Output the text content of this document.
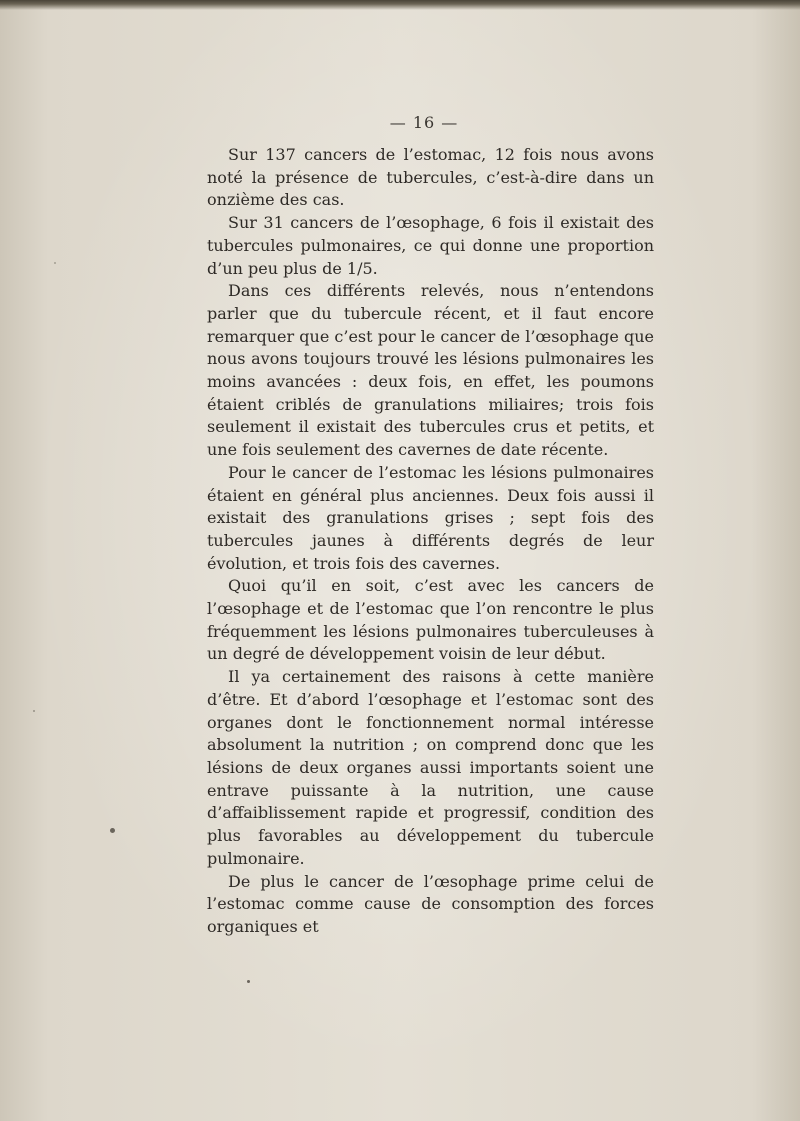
— 16 —

Sur 137 cancers de l’estomac, 12 fois nous avons noté la présence de tubercules, c’est-à-dire dans un onzième des cas.

Sur 31 cancers de l’œsophage, 6 fois il existait des tubercules pulmonaires, ce qui donne une proportion d’un peu plus de 1/5.

Dans ces différents relevés, nous n’entendons parler que du tubercule récent, et il faut encore remarquer que c’est pour le cancer de l’œsophage que nous avons toujours trouvé les lésions pulmonaires les moins avancées : deux fois, en effet, les poumons étaient criblés de granulations miliaires; trois fois seulement il existait des tubercules crus et petits, et une fois seulement des cavernes de date récente.

Pour le cancer de l’estomac les lésions pulmonaires étaient en général plus anciennes. Deux fois aussi il existait des granulations grises ; sept fois des tubercules jaunes à différents degrés de leur évolution, et trois fois des cavernes.

Quoi qu’il en soit, c’est avec les cancers de l’œsophage et de l’estomac que l’on rencontre le plus fréquemment les lésions pulmonaires tuberculeuses à un degré de développement voisin de leur début.

Il ya certainement des raisons à cette manière d’être. Et d’abord l’œsophage et l’estomac sont des organes dont le fonctionnement normal intéresse absolument la nutrition ; on comprend donc que les lésions de deux organes aussi importants soient une entrave puissante à la nutrition, une cause d’affaiblissement rapide et progressif, condition des plus favorables au développement du tubercule pulmonaire.

De plus le cancer de l’œsophage prime celui de l’estomac comme cause de consomption des forces organiques et
